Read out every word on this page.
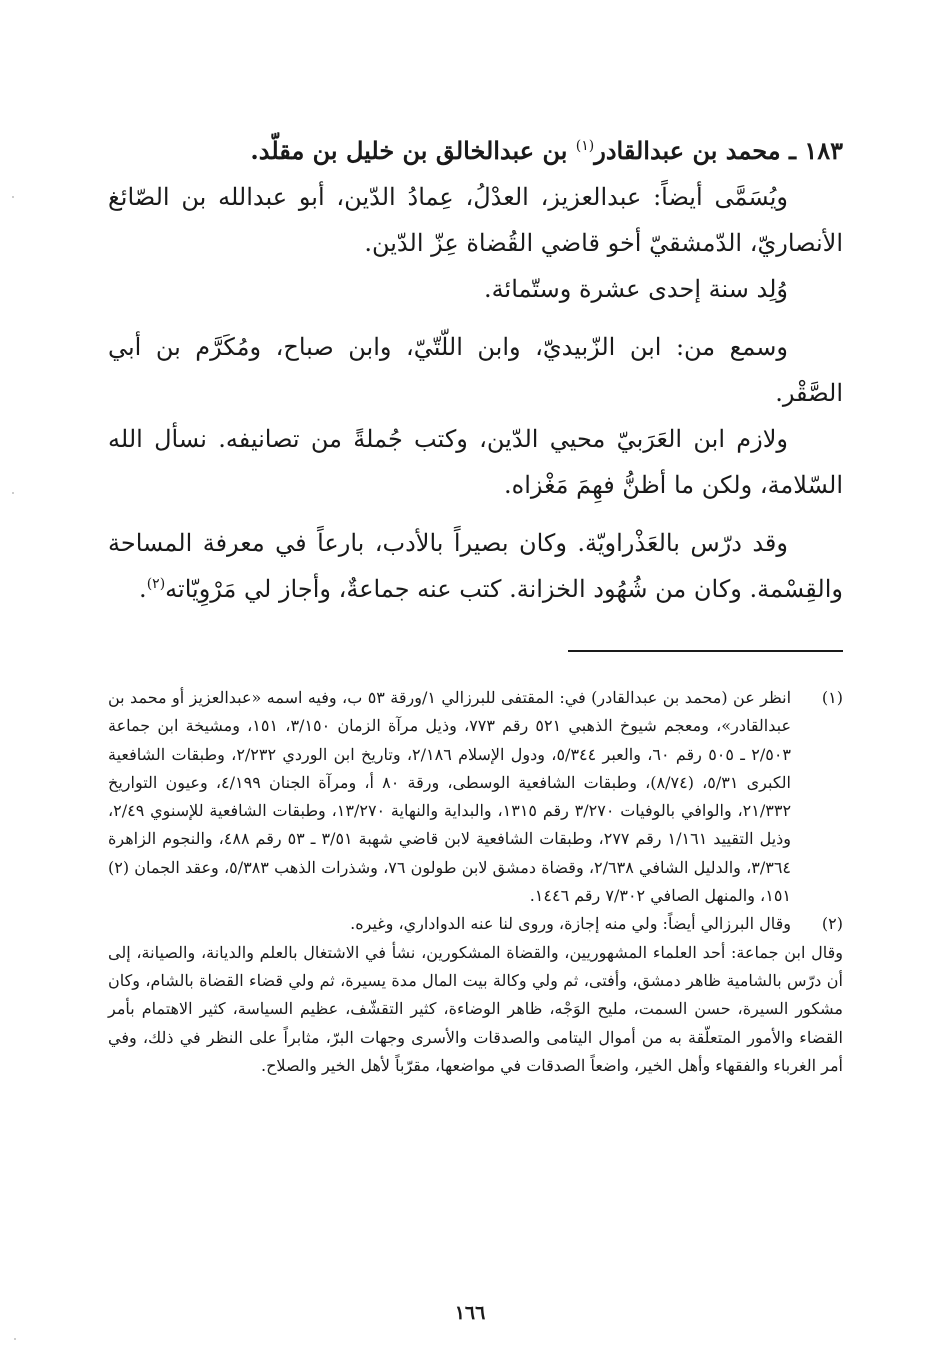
١٨٣ ـ محمد بن عبدالقادر$^{(١)}$ بن عبدالخالق بن خليل بن مقلّد.

ويُسَمَّى أيضاً: عبدالعزيز، العدْلُ، عِمادُ الدّين، أبو عبدالله بن الصّائغ الأنصاريّ، الدّمشقيّ أخو قاضي القُضاة عِزّ الدّين.

وُلِد سنة إحدى عشرة وستّمائة.

وسمع من: ابن الزّبيديّ، وابن اللّتّيّ، وابن صباح، ومُكَرَّم بن أبي الصَّقْر.

ولازم ابن العَرَبيّ محيي الدّين، وكتب جُملةً من تصانيفه. نسأل الله السّلامة، ولكن ما أظنُّ فهِمَ مَغْزاه.

وقد درّس بالعَذْراويّة. وكان بصيراً بالأدب، بارعاً في معرفة المساحة والقِسْمة. وكان من شُهُود الخزانة. كتب عنه جماعةٌ، وأجاز لي مَرْوِيّاته$^{(٢)}$.

(١)

انظر عن (محمد بن عبدالقادر) في: المقتفى للبرزالي ١/ورقة ٥٣ ب، وفيه اسمه «عبدالعزيز أو محمد بن عبدالقادر»، ومعجم شيوخ الذهبي ٥٢١ رقم ٧٧٣، وذيل مرآة الزمان ٣/١٥٠، ١٥١، ومشيخة ابن جماعة ٢/٥٠٣ ـ ٥٠٥ رقم ٦٠، والعبر ٥/٣٤٤، ودول الإسلام ٢/١٨٦، وتاريخ ابن الوردي ٢/٢٣٢، وطبقات الشافعية الكبرى ٥/٣١، (٨/٧٤)، وطبقات الشافعية الوسطى، ورقة ٨٠ أ، ومرآة الجنان ٤/١٩٩، وعيون التواريخ ٢١/٣٣٢، والوافي بالوفيات ٣/٢٧٠ رقم ١٣١٥، والبداية والنهاية ١٣/٢٧٠، وطبقات الشافعية للإسنوي ٢/٤٩، وذيل التقييد ١/١٦١ رقم ٢٧٧، وطبقات الشافعية لابن قاضي شهبة ٣/٥١ ـ ٥٣ رقم ٤٨٨، والنجوم الزاهرة ٣/٣٦٤، والدليل الشافي ٢/٦٣٨، وقضاة دمشق لابن طولون ٧٦، وشذرات الذهب ٥/٣٨٣، وعقد الجمان (٢) ١٥١، والمنهل الصافي ٧/٣٠٢ رقم ١٤٤٦.

(٢)

وقال البرزالي أيضاً: ولي منه إجازة، وروى لنا عنه الدواداري، وغيره.

وقال ابن جماعة: أحد العلماء المشهوريين، والقضاة المشكورين، نشأ في الاشتغال بالعلم والديانة، والصيانة، إلى أن درّس بالشامية ظاهر دمشق، وأفتى، ثم ولي وكالة بيت المال مدة يسيرة، ثم ولي قضاء القضاة بالشام، وكان مشكور السيرة، حسن السمت، مليح الوَجْه، ظاهر الوضاءة، كثير التقشّف، عظيم السياسة، كثير الاهتمام بأمر القضاء والأمور المتعلّقة به من أموال اليتامى والصدقات والأسرى وجهات البرّ، مثابراً على النظر في ذلك، وفي أمر الغرباء والفقهاء وأهل الخير، واضعاً الصدقات في مواضعها، مقرّباً لأهل الخير والصلاح.

١٦٦
